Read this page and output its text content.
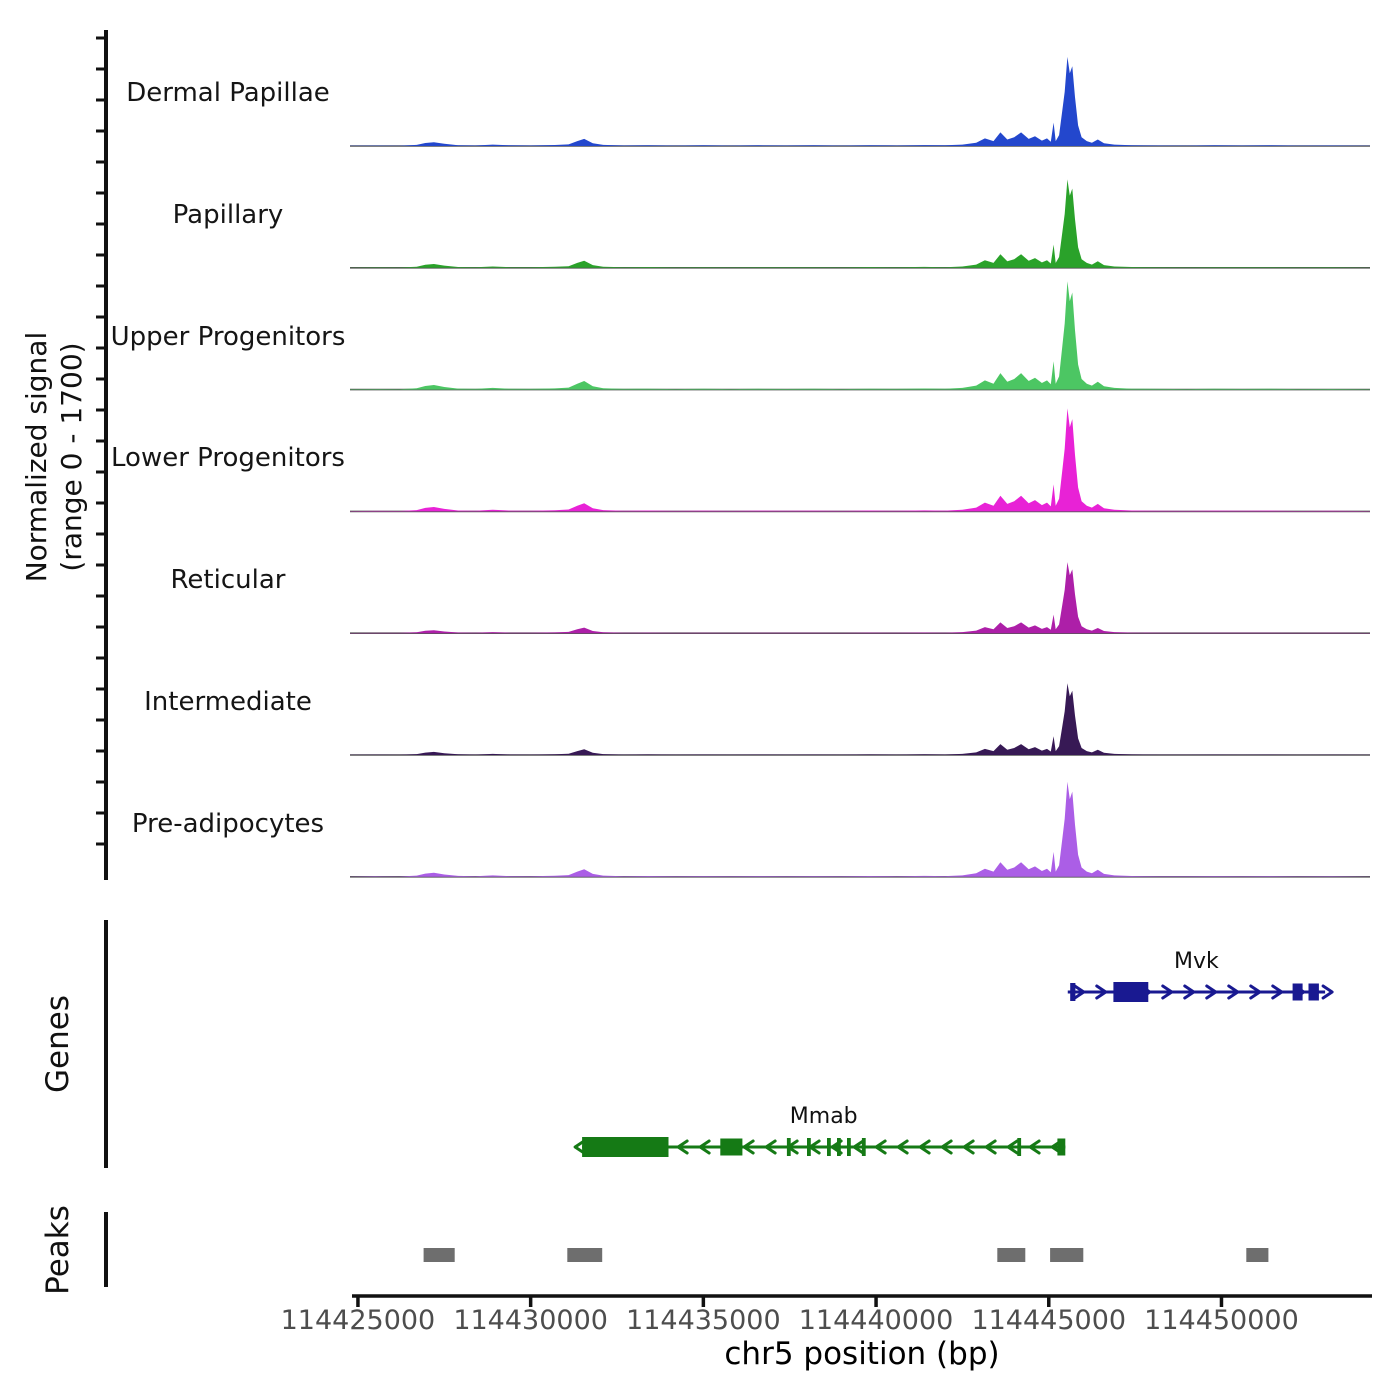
Normalized signal (range 0 - 1700)
Genes
Peaks
Mvk
Mmab
Dermal Papillae
Papillary
Upper Progenitors
Lower Progenitors
Reticular
Intermediate
Pre-adipocytes
114425000 114430000 114435000 114440000 114445000 114450000
chr5 position (bp)
